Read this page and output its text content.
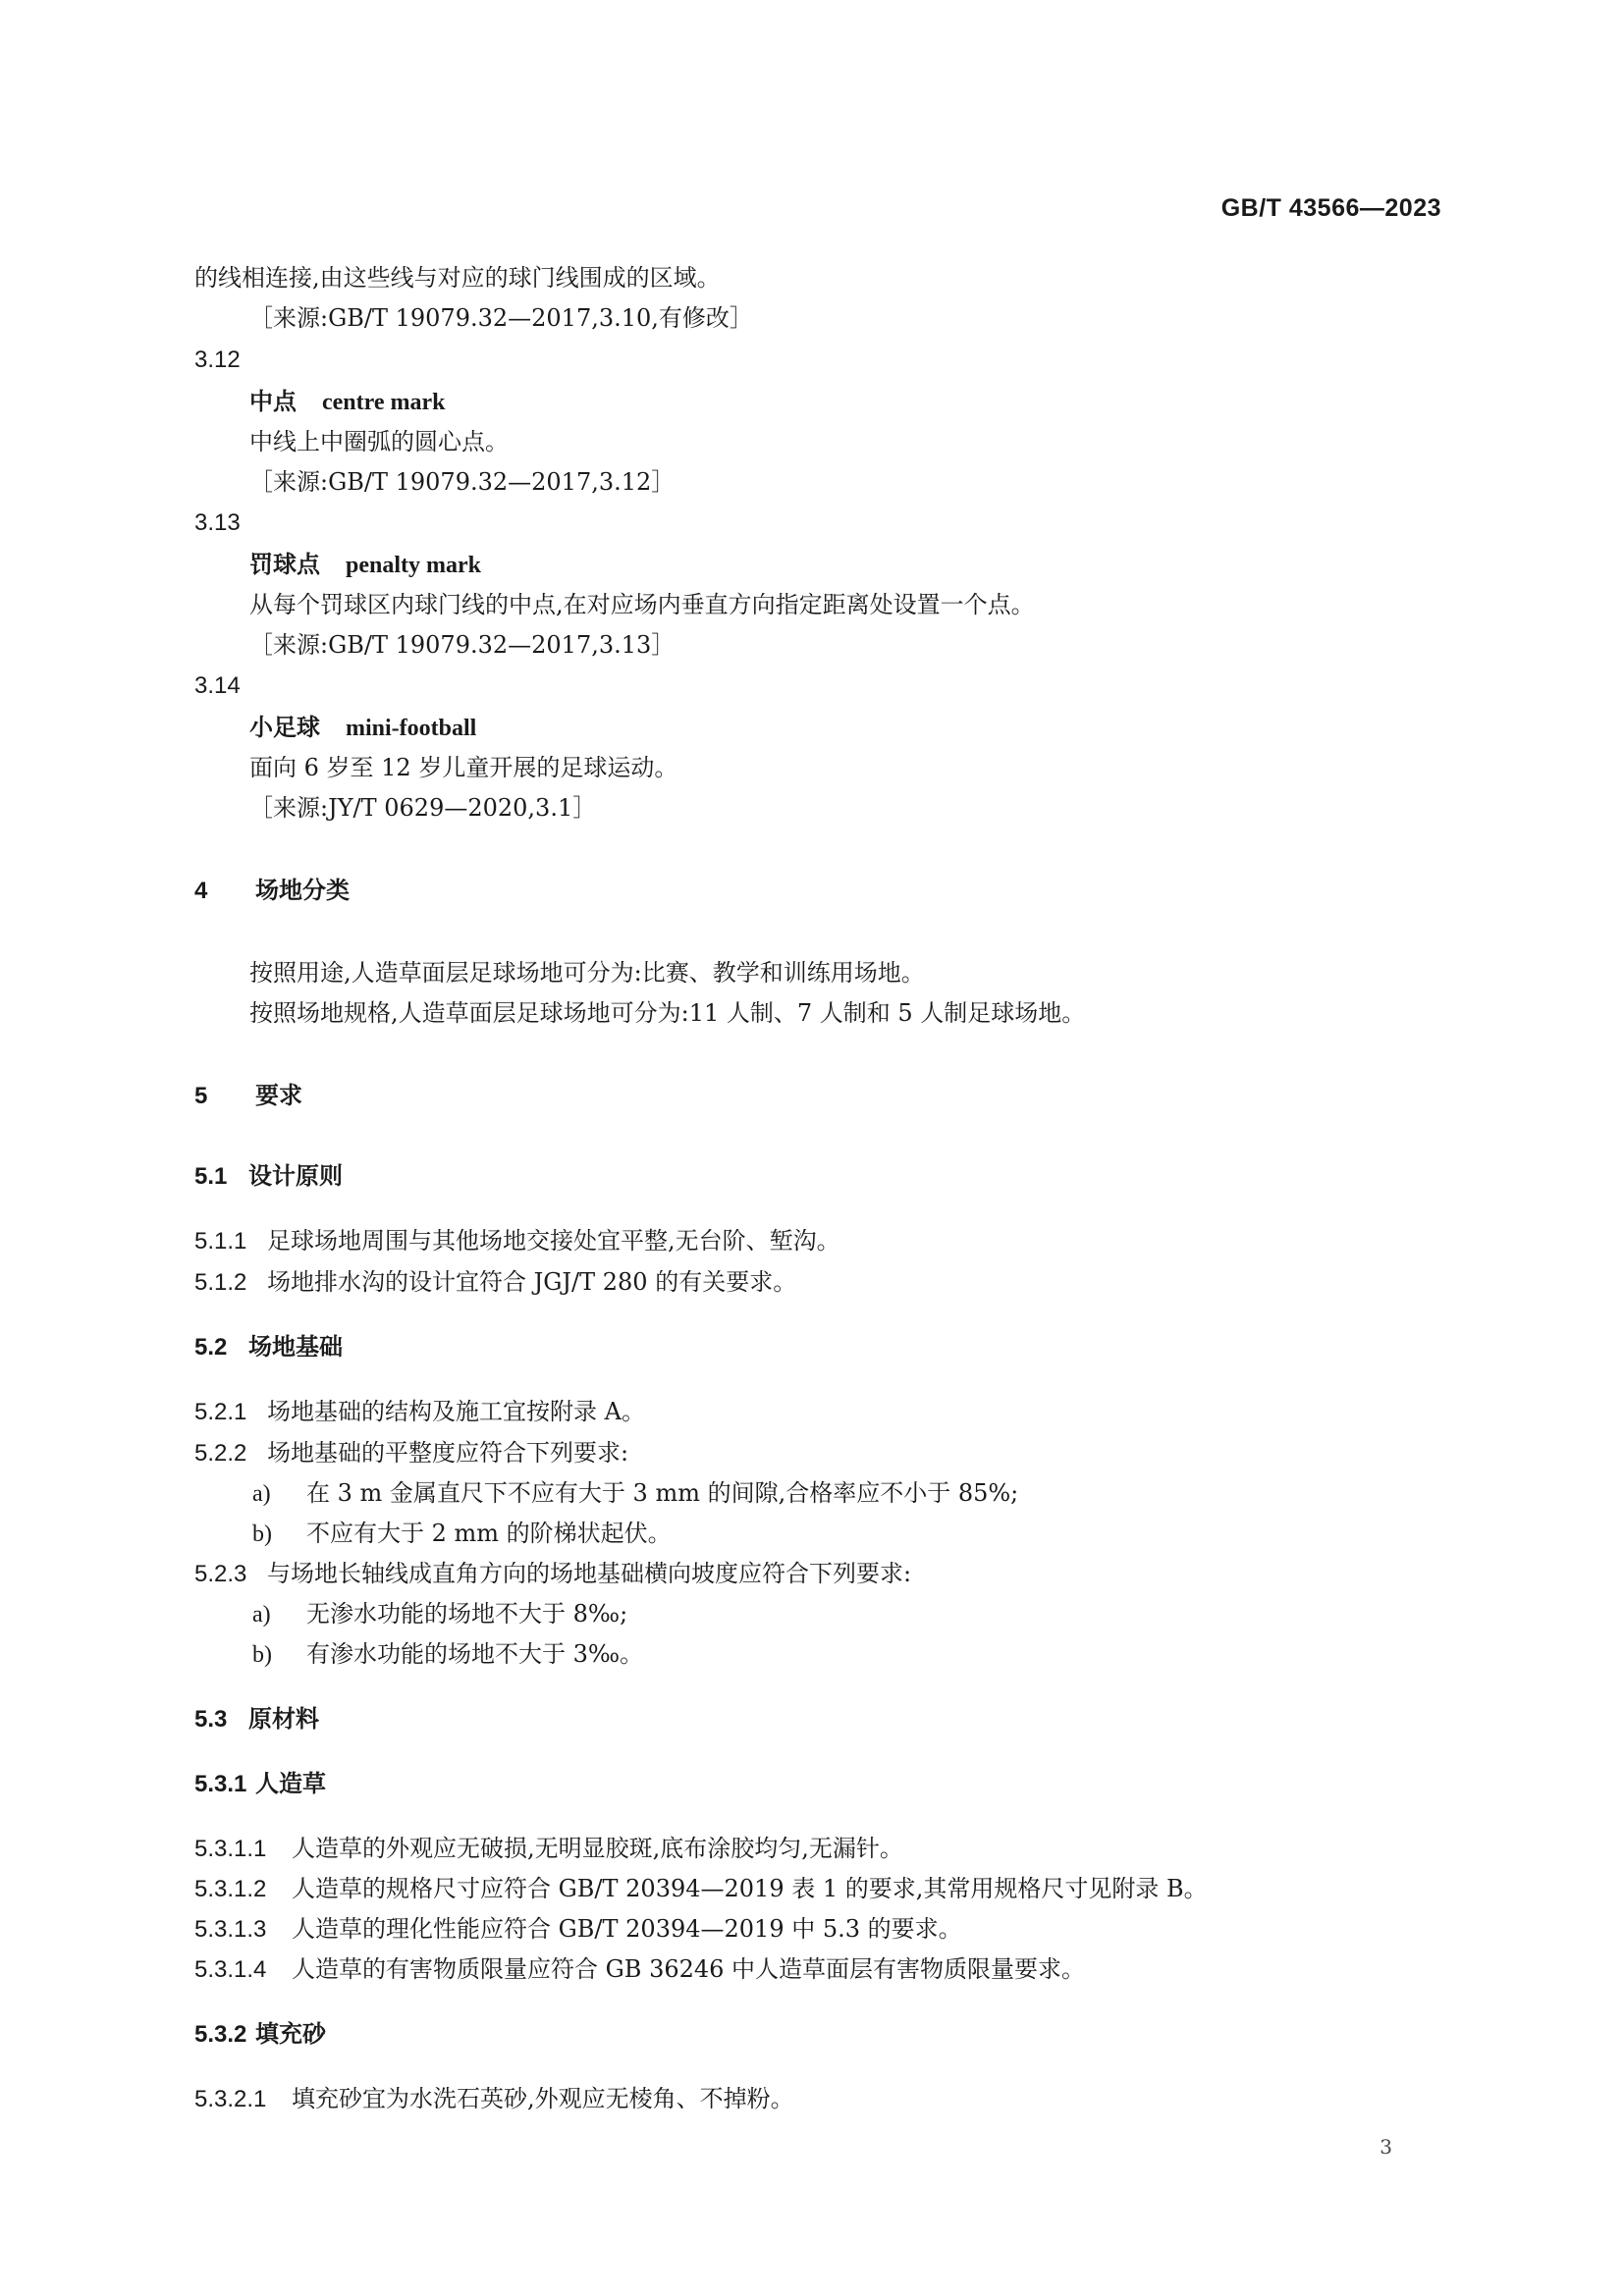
GB/T 43566—2023
的线相连接,由这些线与对应的球门线围成的区域。
［来源:GB/T 19079.32—2017,3.10,有修改］
3.12
中点 centre mark
中线上中圈弧的圆心点。
［来源:GB/T 19079.32—2017,3.12］
3.13
罚球点 penalty mark
从每个罚球区内球门线的中点,在对应场内垂直方向指定距离处设置一个点。
［来源:GB/T 19079.32—2017,3.13］
3.14
小足球 mini-football
面向 6 岁至 12 岁儿童开展的足球运动。
［来源:JY/T 0629—2020,3.1］
4 场地分类
按照用途,人造草面层足球场地可分为:比赛、教学和训练用场地。
按照场地规格,人造草面层足球场地可分为:11 人制、7 人制和 5 人制足球场地。
5 要求
5.1 设计原则
5.1.1 足球场地周围与其他场地交接处宜平整,无台阶、堑沟。
5.1.2 场地排水沟的设计宜符合 JGJ/T 280 的有关要求。
5.2 场地基础
5.2.1 场地基础的结构及施工宜按附录 A。
5.2.2 场地基础的平整度应符合下列要求:
a) 在 3 m 金属直尺下不应有大于 3 mm 的间隙,合格率应不小于 85%;
b) 不应有大于 2 mm 的阶梯状起伏。
5.2.3 与场地长轴线成直角方向的场地基础横向坡度应符合下列要求:
a) 无渗水功能的场地不大于 8‰;
b) 有渗水功能的场地不大于 3‰。
5.3 原材料
5.3.1 人造草
5.3.1.1 人造草的外观应无破损,无明显胶斑,底布涂胶均匀,无漏针。
5.3.1.2 人造草的规格尺寸应符合 GB/T 20394—2019 表 1 的要求,其常用规格尺寸见附录 B。
5.3.1.3 人造草的理化性能应符合 GB/T 20394—2019 中 5.3 的要求。
5.3.1.4 人造草的有害物质限量应符合 GB 36246 中人造草面层有害物质限量要求。
5.3.2 填充砂
5.3.2.1 填充砂宜为水洗石英砂,外观应无棱角、不掉粉。
3
